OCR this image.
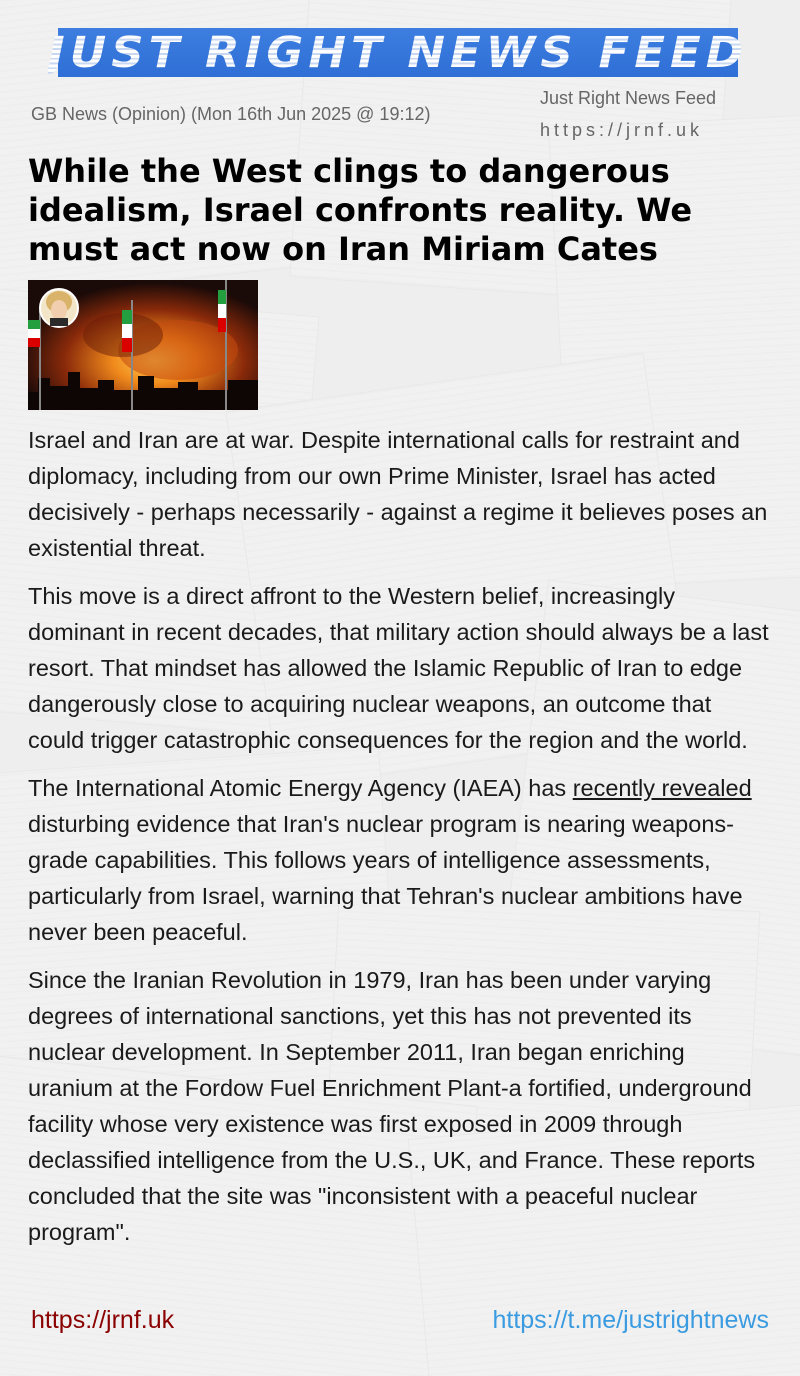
JUST RIGHT NEWS FEED
GB News (Opinion) (Mon 16th Jun 2025 @ 19:12)
Just Right News Feed
https://jrnf.uk
While the West clings to dangerous idealism, Israel confronts reality. We must act now on Iran Miriam Cates

Israel and Iran are at war. Despite international calls for restraint and diplomacy, including from our own Prime Minister, Israel has acted decisively - perhaps necessarily - against a regime it believes poses an existential threat.

This move is a direct affront to the Western belief, increasingly dominant in recent decades, that military action should always be a last resort. That mindset has allowed the Islamic Republic of Iran to edge dangerously close to acquiring nuclear weapons, an outcome that could trigger catastrophic consequences for the region and the world.

The International Atomic Energy Agency (IAEA) has recently revealed disturbing evidence that Iran's nuclear program is nearing weapons-grade capabilities. This follows years of intelligence assessments, particularly from Israel, warning that Tehran's nuclear ambitions have never been peaceful.

Since the Iranian Revolution in 1979, Iran has been under varying degrees of international sanctions, yet this has not prevented its nuclear development. In September 2011, Iran began enriching uranium at the Fordow Fuel Enrichment Plant-a fortified, underground facility whose very existence was first exposed in 2009 through declassified intelligence from the U.S., UK, and France. These reports concluded that the site was "inconsistent with a peaceful nuclear program".

https://jrnf.uk	https://t.me/justrightnews
